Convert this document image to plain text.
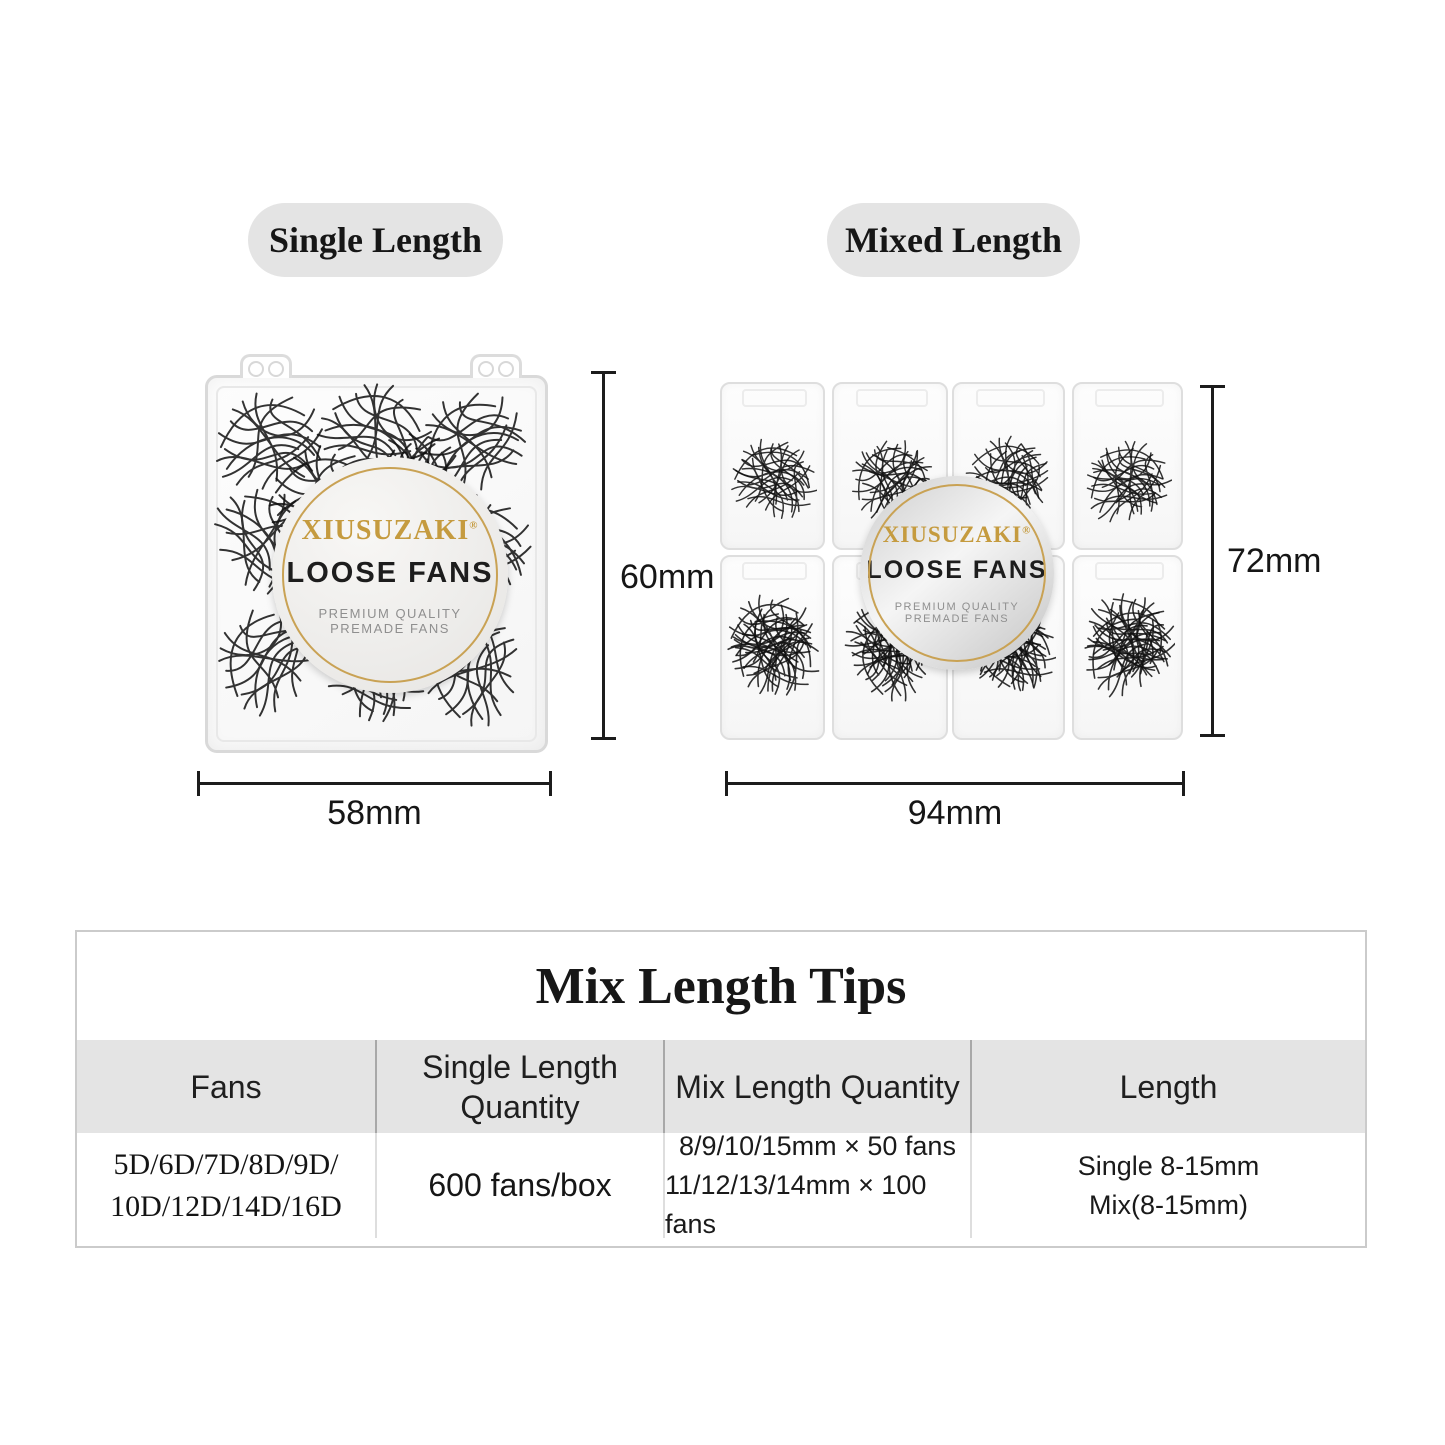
Single Length	Mixed Length
XIUSUZAKI®
LOOSE FANS
PREMIUM QUALITY
PREMADE FANS
XIUSUZAKI®
LOOSE FANS
PREMIUM QUALITY
PREMADE FANS
60mm
58mm
72mm
94mm
Mix Length Tips
Fans
Single Length
Quantity
Mix Length Quantity	Length
5D/6D/7D/8D/9D/
10D/12D/14D/16D
600 fans/box
8/9/10/15mm × 50 fans
11/12/13/14mm × 100 fans
Single 8-15mm
Mix(8-15mm)
